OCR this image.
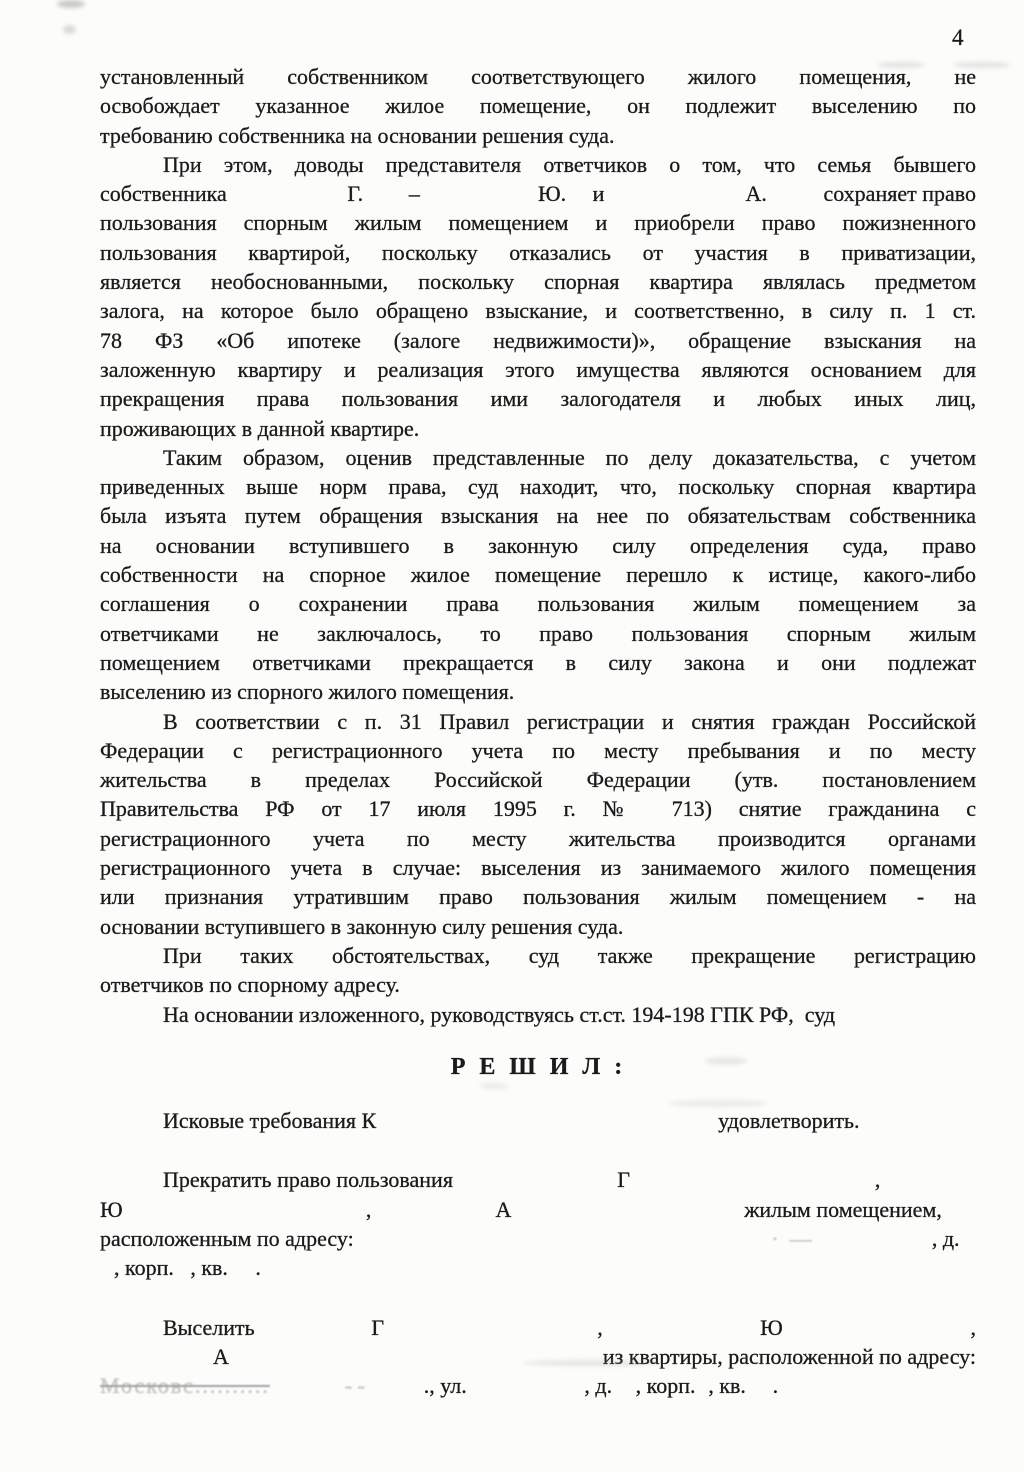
4
установленный собственником соответствующего жилого помещения, не
освобождает указанное жилое помещение, он подлежит выселению по
требованию собственника на основании решения суда.
При этом, доводы представителя ответчиков о том, что семья бывшего
собственника	Г. –	Ю. и	А.	сохраняет право
пользования спорным жилым помещением и приобрели право пожизненного
пользования квартирой, поскольку отказались от участия в приватизации,
является необоснованными, поскольку спорная квартира являлась предметом
залога, на которое было обращено взыскание, и соответственно, в силу п. 1 ст.
78 ФЗ «Об ипотеке (залоге недвижимости)», обращение взыскания на
заложенную квартиру и реализация этого имущества являются основанием для
прекращения права пользования ими залогодателя и любых иных лиц,
проживающих в данной квартире.
Таким образом, оценив представленные по делу доказательства, с учетом
приведенных выше норм права, суд находит, что, поскольку спорная квартира
была изъята путем обращения взыскания на нее по обязательствам собственника
на основании вступившего в законную силу определения суда, право
собственности на спорное жилое помещение перешло к истице, какого-либо
соглашения о сохранении права пользования жилым помещением за
ответчиками не заключалось, то право пользования спорным жилым
помещением ответчиками прекращается в силу закона и они подлежат
выселению из спорного жилого помещения.
В соответствии с п. 31 Правил регистрации и снятия граждан Российской
Федерации с регистрационного учета по месту пребывания и по месту
жительства в пределах Российской Федерации (утв. постановлением
Правительства РФ от 17 июля 1995 г. № 713) снятие гражданина с
регистрационного учета по месту жительства производится органами
регистрационного учета в случае: выселения из занимаемого жилого помещения
или признания утратившим право пользования жилым помещением - на
основании вступившего в законную силу решения суда.
При таких обстоятельствах, суд также прекращение регистрацию
ответчиков по спорному адресу.
На основании изложенного, руководствуясь ст.ст. 194-198 ГПК РФ,  суд
Р Е Ш И Л :
Исковые требования К	удовлетворить.
Прекратить право пользования	Г	,
Ю	,	А	жилым помещением,
расположенным по адресу:	·  ―	, д.
, корп.   , кв.     .
Выселить	Г	,	Ю	,
А	из квартиры, расположенной по адресу:
Московс..........	- -	., ул.	, д. , корп. , кв. .
